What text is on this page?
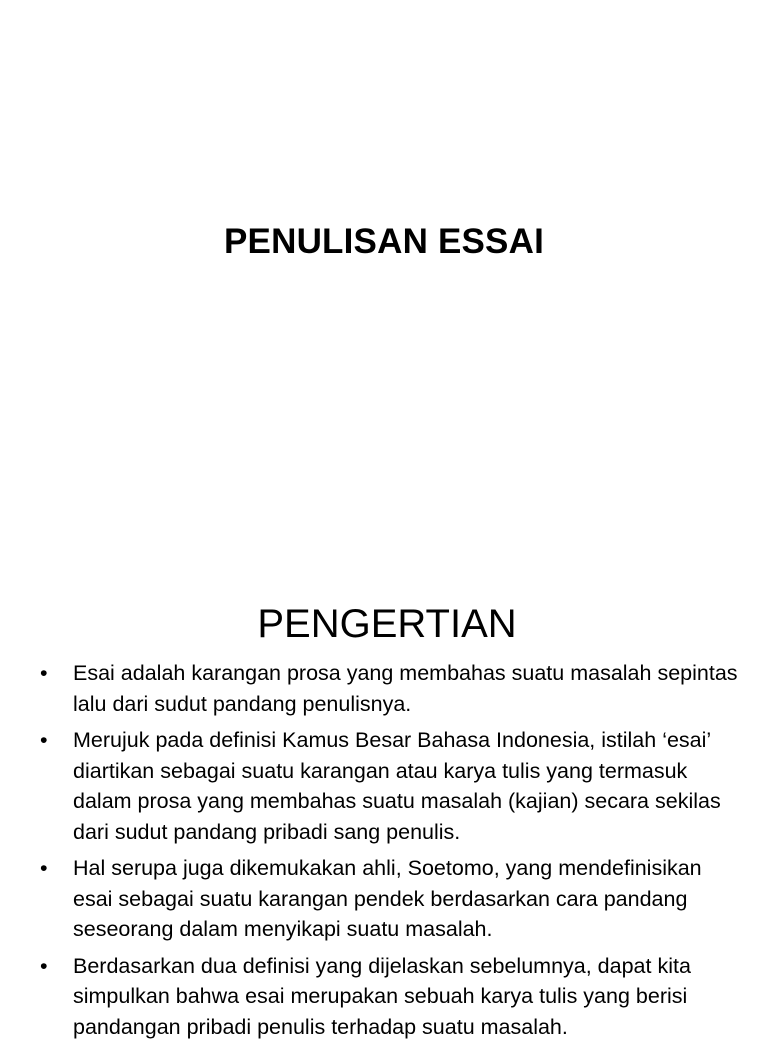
PENULISAN ESSAI
PENGERTIAN
• Esai adalah karangan prosa yang membahas suatu masalah sepintas lalu dari sudut pandang penulisnya.
• Merujuk pada definisi Kamus Besar Bahasa Indonesia, istilah ‘esai’ diartikan sebagai suatu karangan atau karya tulis yang termasuk dalam prosa yang membahas suatu masalah (kajian) secara sekilas dari sudut pandang pribadi sang penulis.
• Hal serupa juga dikemukakan ahli, Soetomo, yang mendefinisikan esai sebagai suatu karangan pendek berdasarkan cara pandang seseorang dalam menyikapi suatu masalah.
• Berdasarkan dua definisi yang dijelaskan sebelumnya, dapat kita simpulkan bahwa esai merupakan sebuah karya tulis yang berisi pandangan pribadi penulis terhadap suatu masalah.
